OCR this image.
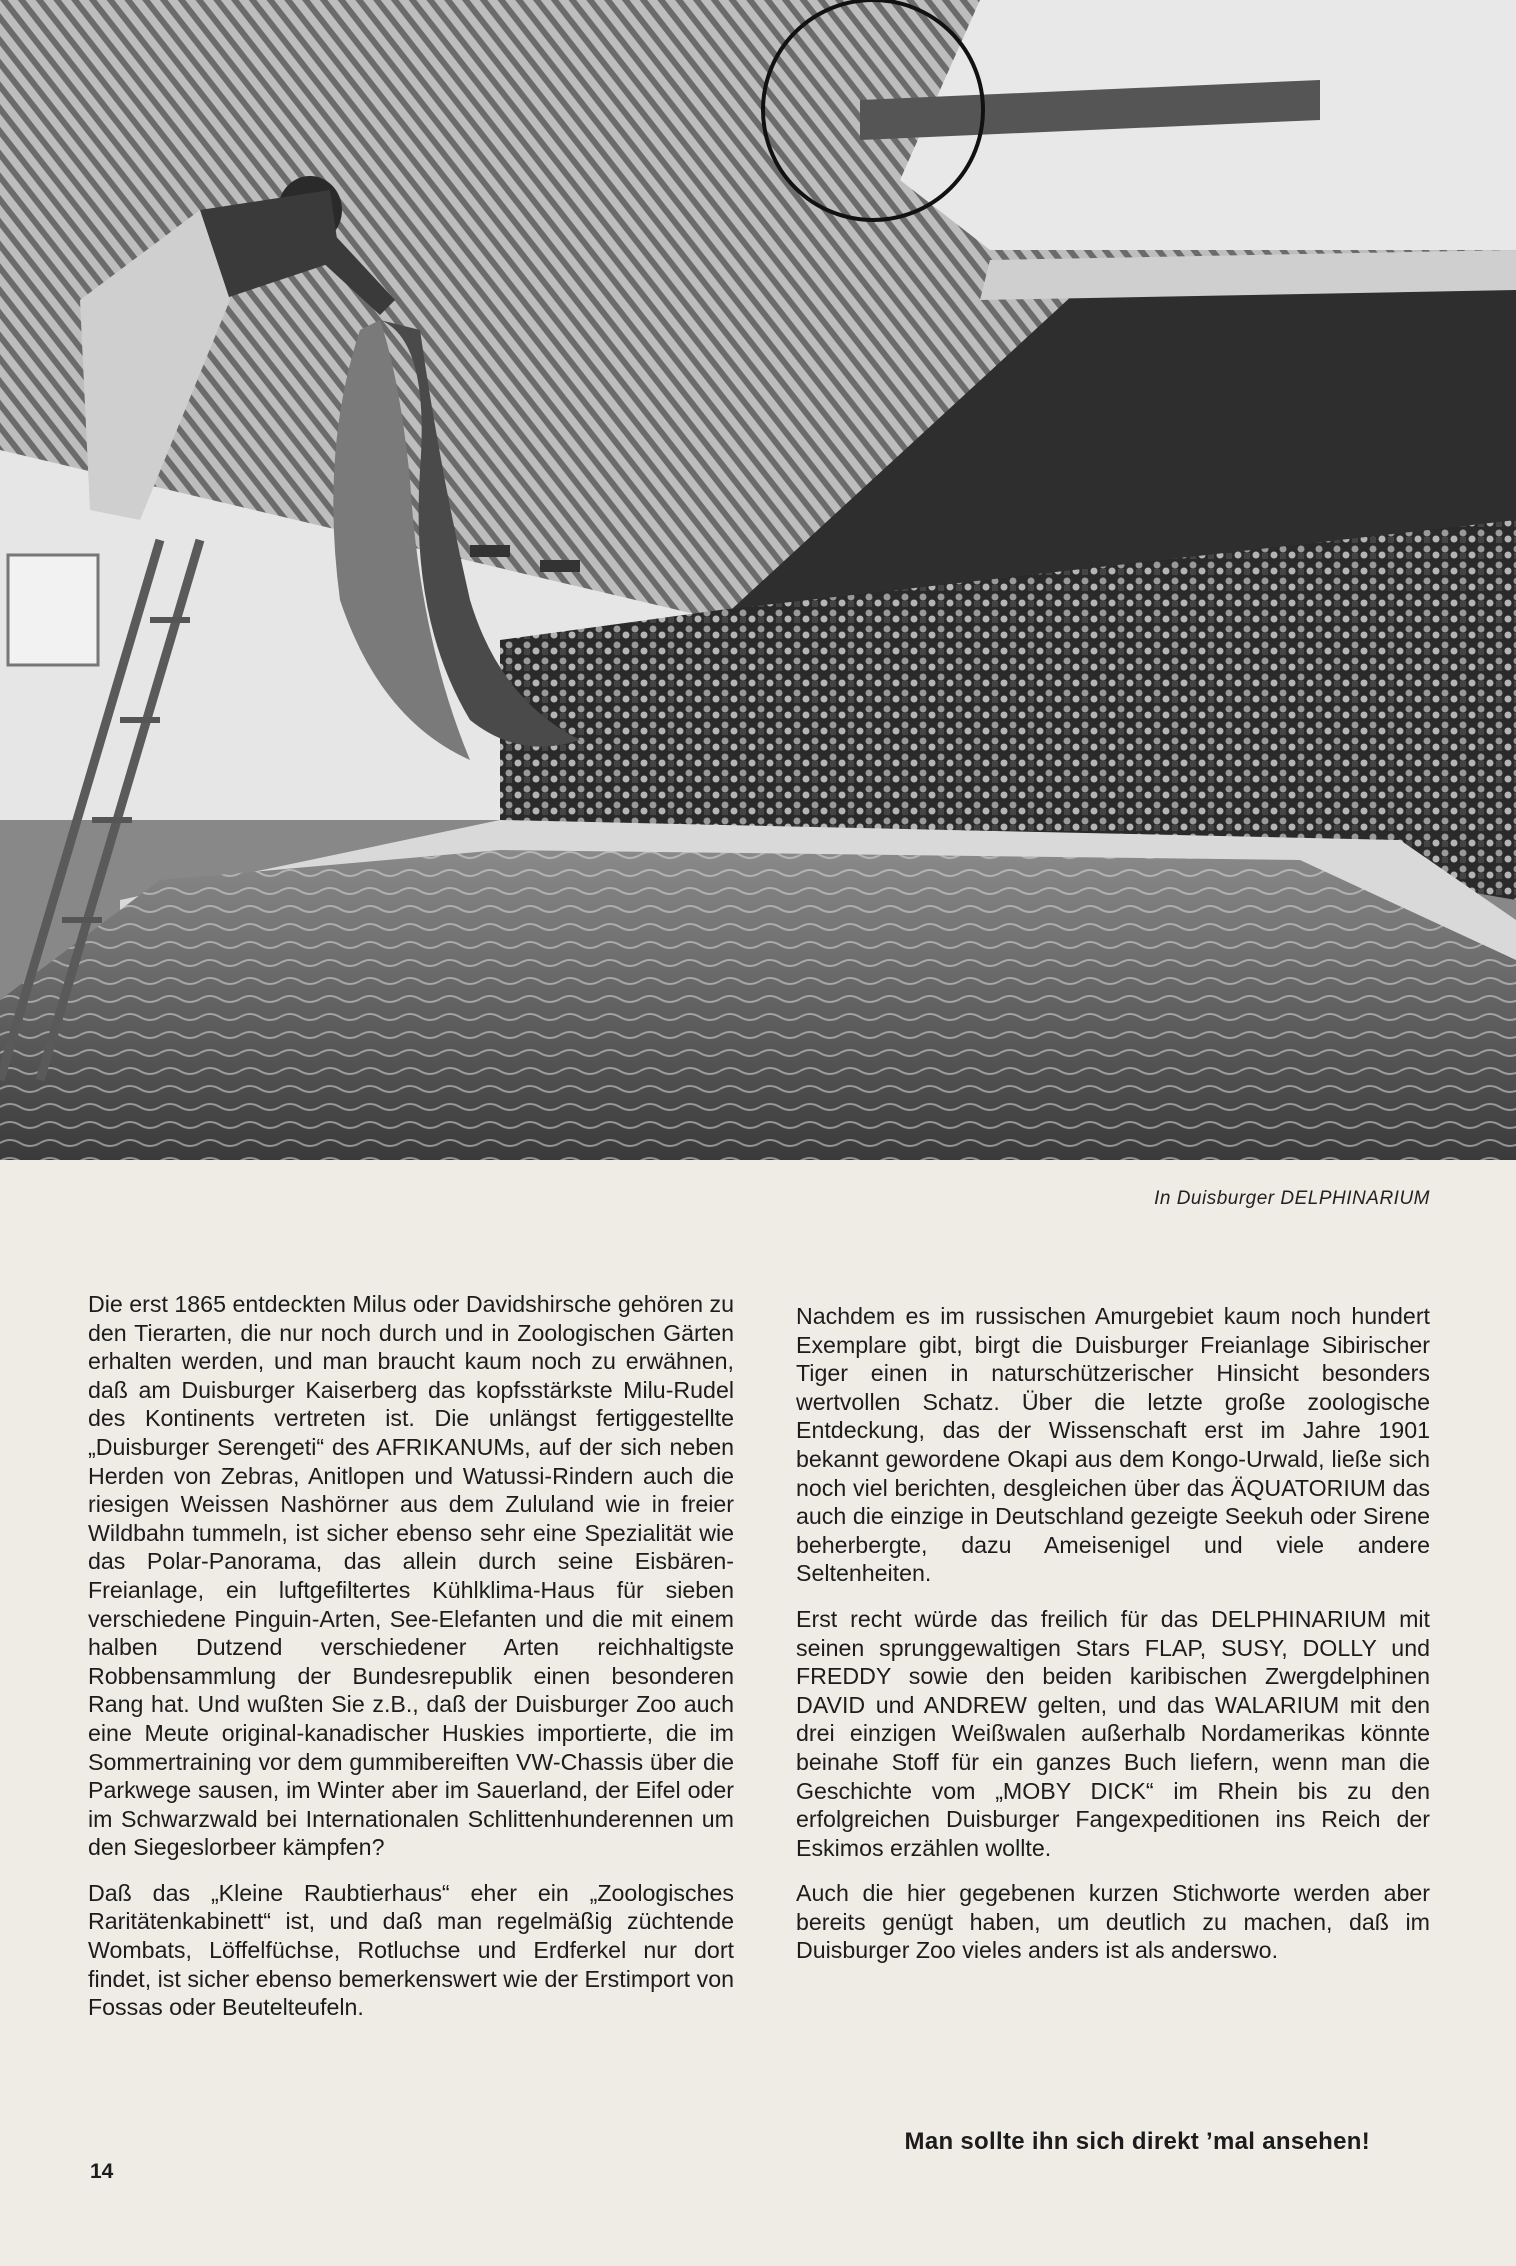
In Duisburger DELPHINARIUM

Die erst 1865 entdeckten Milus oder Davidshirsche gehören zu den Tierarten, die nur noch durch und in Zoologischen Gärten erhalten werden, und man braucht kaum noch zu erwähnen, daß am Duisburger Kaiserberg das kopfsstärkste Milu-Rudel des Kontinents vertreten ist. Die unlängst fertiggestellte „Duisburger Serengeti“ des AFRIKANUMs, auf der sich neben Herden von Zebras, Anitlopen und Watussi-Rindern auch die riesigen Weissen Nashörner aus dem Zululand wie in freier Wildbahn tummeln, ist sicher ebenso sehr eine Spezialität wie das Polar-Panorama, das allein durch seine Eisbären-Freianlage, ein luftgefiltertes Kühlklima-Haus für sieben verschiedene Pinguin-Arten, See-Elefanten und die mit einem halben Dutzend verschiedener Arten reichhaltigste Robbensammlung der Bundesrepublik einen besonderen Rang hat. Und wußten Sie z.B., daß der Duisburger Zoo auch eine Meute original-kanadischer Huskies importierte, die im Sommertraining vor dem gummibereiften VW-Chassis über die Parkwege sausen, im Winter aber im Sauerland, der Eifel oder im Schwarzwald bei Internationalen Schlittenhunderennen um den Siegeslorbeer kämpfen?

Daß das „Kleine Raubtierhaus“ eher ein „Zoologisches Raritätenkabinett“ ist, und daß man regelmäßig züchtende Wombats, Löffelfüchse, Rotluchse und Erdferkel nur dort findet, ist sicher ebenso bemerkenswert wie der Erstimport von Fossas oder Beutelteufeln.

Nachdem es im russischen Amurgebiet kaum noch hundert Exemplare gibt, birgt die Duisburger Freianlage Sibirischer Tiger einen in naturschützerischer Hinsicht besonders wertvollen Schatz. Über die letzte große zoologische Entdeckung, das der Wissenschaft erst im Jahre 1901 bekannt gewordene Okapi aus dem Kongo-Urwald, ließe sich noch viel berichten, desgleichen über das ÄQUATORIUM das auch die einzige in Deutschland gezeigte Seekuh oder Sirene beherbergte, dazu Ameisenigel und viele andere Seltenheiten.

Erst recht würde das freilich für das DELPHINARIUM mit seinen sprunggewaltigen Stars FLAP, SUSY, DOLLY und FREDDY sowie den beiden karibischen Zwergdelphinen DAVID und ANDREW gelten, und das WALARIUM mit den drei einzigen Weißwalen außerhalb Nordamerikas könnte beinahe Stoff für ein ganzes Buch liefern, wenn man die Geschichte vom „MOBY DICK“ im Rhein bis zu den erfolgreichen Duisburger Fangexpeditionen ins Reich der Eskimos erzählen wollte.

Auch die hier gegebenen kurzen Stichworte werden aber bereits genügt haben, um deutlich zu machen, daß im Duisburger Zoo vieles anders ist als anderswo.

Man sollte ihn sich direkt ’mal ansehen!
14
